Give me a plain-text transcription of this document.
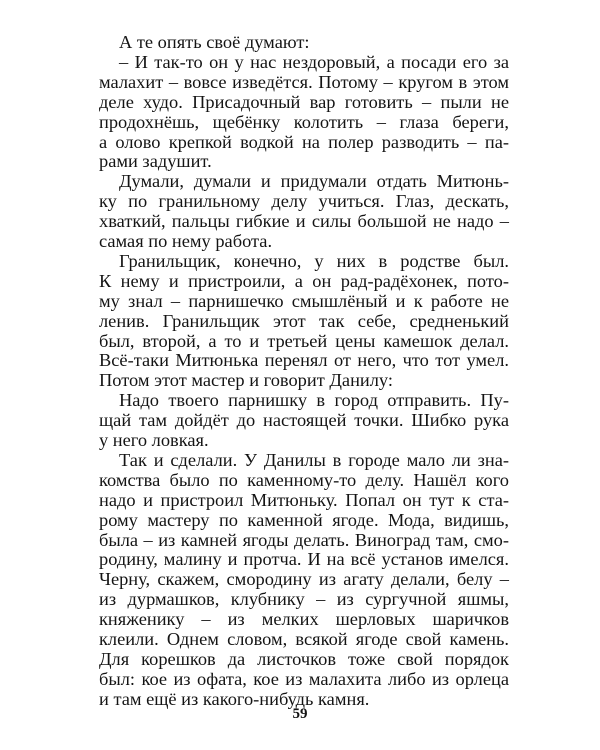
А те опять своё думают:
– И так-то он у нас нездоровый, а посади его за
малахит – вовсе изведётся. Потому – кругом в этом
деле худо. Присадочный вар готовить – пыли не
продохнёшь, щебёнку колотить – глаза береги,
а олово крепкой водкой на полер разводить – па-
рами задушит.
Думали, думали и придумали отдать Митюнь-
ку по гранильному делу учиться. Глаз, дескать,
хваткий, пальцы гибкие и силы большой не надо –
самая по нему работа.
Гранильщик, конечно, у них в родстве был.
К нему и пристроили, а он рад-радёхонек, пото-
му знал – парнишечко смышлёный и к работе не
ленив. Гранильщик этот так себе, средненький
был, второй, а то и третьей цены камешок делал.
Всё-таки Митюнька перенял от него, что тот умел.
Потом этот мастер и говорит Данилу:
Надо твоего парнишку в город отправить. Пу-
щай там дойдёт до настоящей точки. Шибко рука
у него ловкая.
Так и сделали. У Данилы в городе мало ли зна-
комства было по каменному-то делу. Нашёл кого
надо и пристроил Митюньку. Попал он тут к ста-
рому мастеру по каменной ягоде. Мода, видишь,
была – из камней ягоды делать. Виноград там, смо-
родину, малину и протча. И на всё установ имелся.
Черну, скажем, смородину из агату делали, белу –
из дурмашков, клубнику – из сургучной яшмы,
княженику – из мелких шерловых шаричков
клеили. Однем словом, всякой ягоде свой камень.
Для корешков да листочков тоже свой порядок
был: кое из офата, кое из малахита либо из орлеца
и там ещё из какого-нибудь камня.
59
